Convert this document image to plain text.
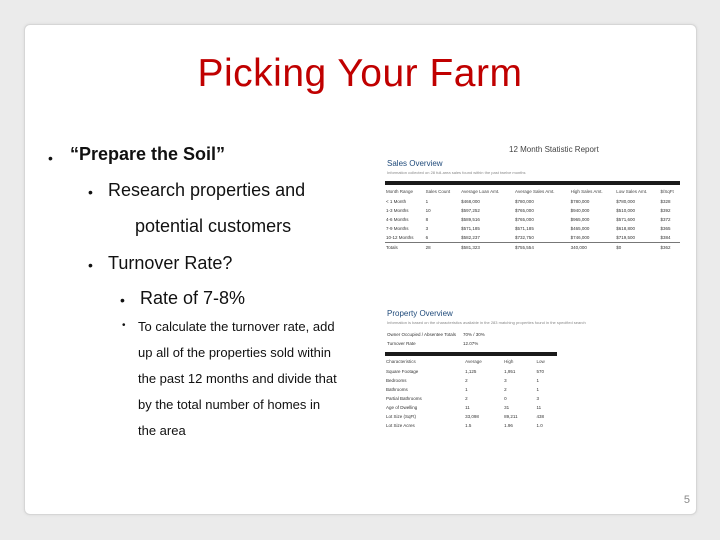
Picking Your Farm
• “Prepare the Soil”
• Research properties and
potential customers
• Turnover Rate?
• Rate of 7-8%
• To calculate the turnover rate, add
up all of the properties sold within
the past 12 months and divide that
by the total number of homes in
the area
12 Month Statistic Report
Sales Overview
Information collected on 28 full-area sales found within the past twelve months
Month Range	Sales Count	Average Loan Amt.	Average Sales Amt.	High Sales Amt.	Low Sales Amt.	$/SqFt
< 1 Month	1	$468,000	$780,000	$780,000	$780,000	$328
1-3 Months	10	$597,252	$765,000	$940,000	$510,000	$392
4-6 Months	8	$589,516	$765,000	$965,000	$571,600	$372
7-9 Months	3	$571,185	$571,185	$465,000	$618,800	$365
10-12 Months	6	$582,237	$732,750	$746,000	$719,500	$384
Totals	28	$581,323	$755,554	340,000	$0	$362
Property Overview
Information is based on the characteristics available in the 283 matching properties found in the specified search
Owner Occupied / Absentee Totals 70% / 30%
Turnover Rate	12.07%
Characteristics	Average	High	Low
Square Footage	1,125	1,951	570
Bedrooms	2	3	1
Bathrooms	1	2	1
Partial Bathrooms	2	0	3
Age of Dwelling	11	31	11
Lot Size (SqFt)	33,098	89,211	438
Lot Size Acres	1.5	1.96	1.0
5
